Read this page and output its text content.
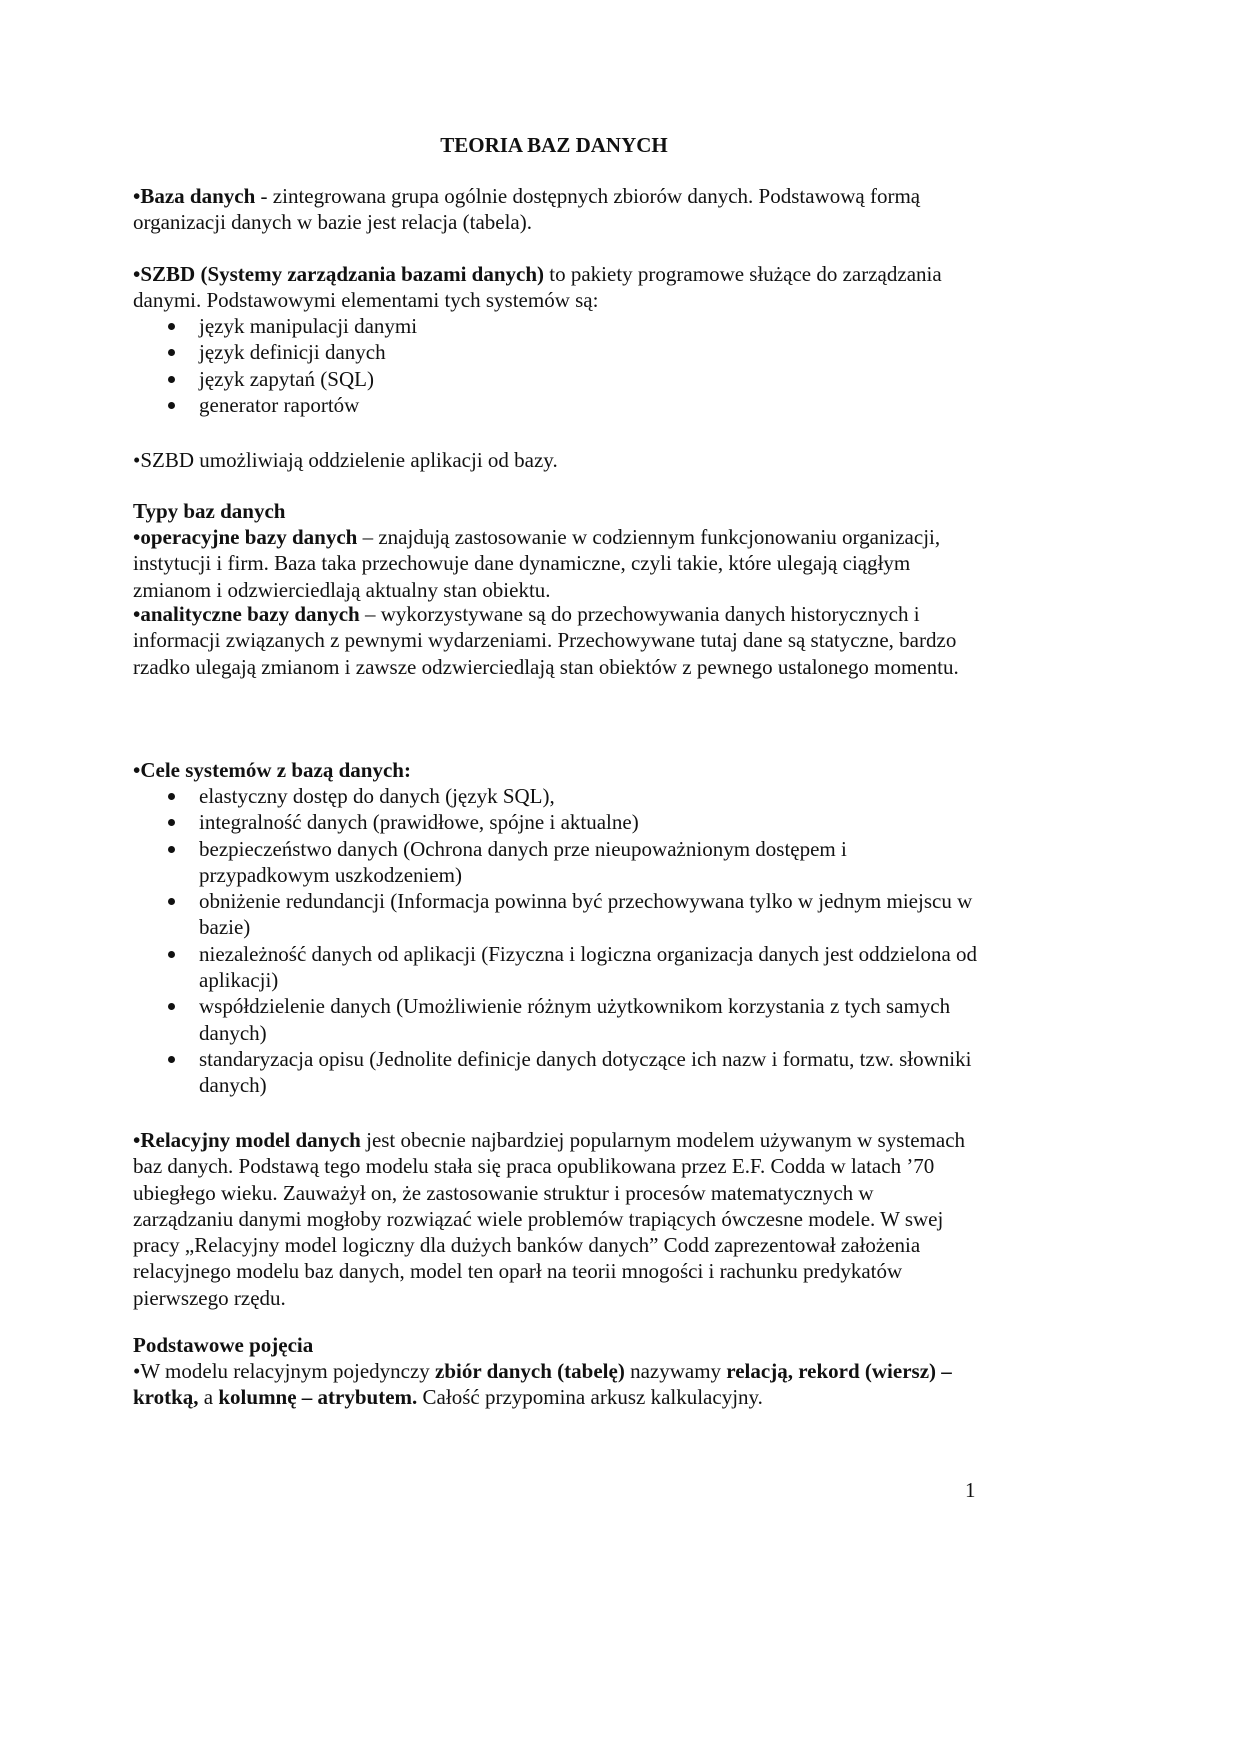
TEORIA BAZ DANYCH

•Baza danych - zintegrowana grupa ogólnie dostępnych zbiorów danych. Podstawową formą organizacji danych w bazie jest relacja (tabela).

•SZBD (Systemy zarządzania bazami danych) to pakiety programowe służące do zarządzania danymi. Podstawowymi elementami tych systemów są:

język manipulacji danymi
język definicji danych
język zapytań (SQL)
generator raportów

•SZBD umożliwiają oddzielenie aplikacji od bazy.

Typy baz danych

•operacyjne bazy danych – znajdują zastosowanie w codziennym funkcjonowaniu organizacji, instytucji i firm. Baza taka przechowuje dane dynamiczne, czyli takie, które ulegają ciągłym zmianom i odzwierciedlają aktualny stan obiektu.

•analityczne bazy danych – wykorzystywane są do przechowywania danych historycznych i informacji związanych z pewnymi wydarzeniami. Przechowywane tutaj dane są statyczne, bardzo rzadko ulegają zmianom i zawsze odzwierciedlają stan obiektów z pewnego ustalonego momentu.

•Cele systemów z bazą danych:
elastyczny dostęp do danych (język SQL),
integralność danych (prawidłowe, spójne i aktualne)
bezpieczeństwo danych (Ochrona danych prze nieupoważnionym dostępem i przypadkowym uszkodzeniem)
obniżenie redundancji (Informacja powinna być przechowywana tylko w jednym miejscu w bazie)
niezależność danych od aplikacji (Fizyczna i logiczna organizacja danych jest oddzielona od aplikacji)
współdzielenie danych (Umożliwienie różnym użytkownikom korzystania z tych samych danych)
standaryzacja opisu (Jednolite definicje danych dotyczące ich nazw i formatu, tzw. słowniki danych)

•Relacyjny model danych jest obecnie najbardziej popularnym modelem używanym w systemach baz danych. Podstawą tego modelu stała się praca opublikowana przez E.F. Codda w latach ’70 ubiegłego wieku. Zauważył on, że zastosowanie struktur i procesów matematycznych w zarządzaniu danymi mogłoby rozwiązać wiele problemów trapiących ówczesne modele. W swej pracy „Relacyjny model logiczny dla dużych banków danych” Codd zaprezentował założenia relacyjnego modelu baz danych, model ten oparł na teorii mnogości i rachunku predykatów pierwszego rzędu.

Podstawowe pojęcia

•W modelu relacyjnym pojedynczy zbiór danych (tabelę) nazywamy relacją, rekord (wiersz) – krotką, a kolumnę – atrybutem. Całość przypomina arkusz kalkulacyjny.

1
